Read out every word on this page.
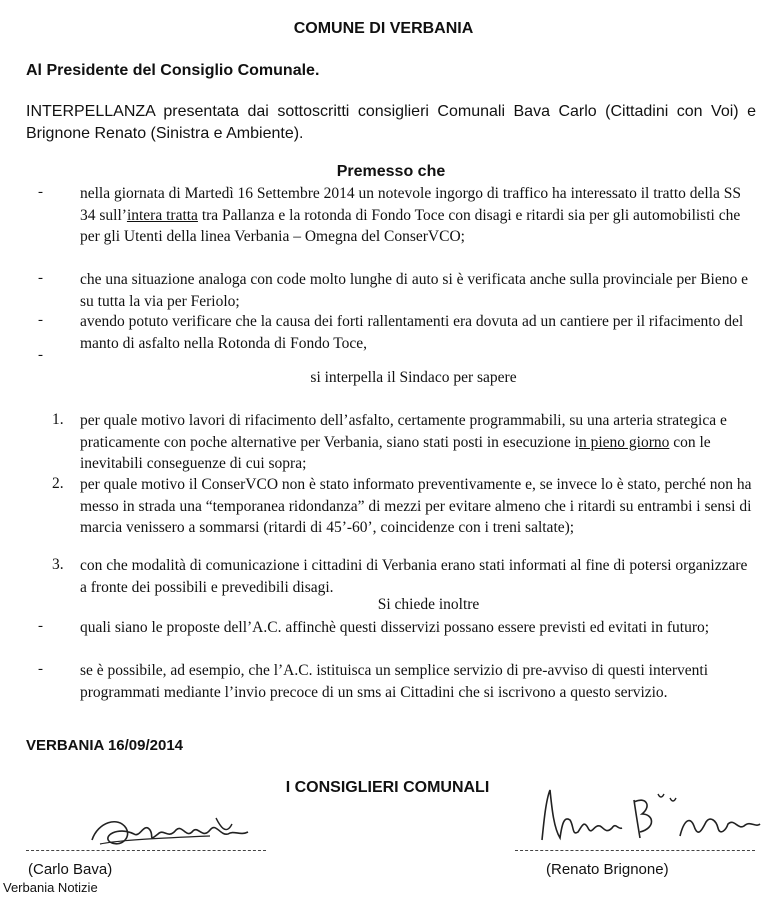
COMUNE DI VERBANIA
Al Presidente del Consiglio Comunale.
INTERPELLANZA presentata dai sottoscritti consiglieri Comunali Bava Carlo (Cittadini con Voi) e Brignone Renato (Sinistra e Ambiente).
Premesso che
- nella giornata di Martedì 16 Settembre 2014 un notevole ingorgo di traffico ha interessato il tratto della SS 34 sull’intera tratta tra Pallanza e la rotonda di Fondo Toce con disagi e ritardi sia per gli automobilisti che per gli Utenti della linea Verbania – Omegna del ConserVCO;
- che una situazione analoga con code molto lunghe di auto si è verificata anche sulla provinciale per Bieno e su tutta la via per Feriolo;
- avendo potuto verificare che la causa dei forti rallentamenti era dovuta ad un cantiere per il rifacimento del manto di asfalto nella Rotonda di Fondo Toce,
-
si interpella il Sindaco per sapere
1. per quale motivo lavori di rifacimento dell’asfalto, certamente programmabili, su una arteria strategica e praticamente con poche alternative per Verbania, siano stati posti in esecuzione in pieno giorno con le inevitabili conseguenze di cui sopra;
2. per quale motivo il ConserVCO non è stato informato preventivamente e, se invece lo è stato, perché non ha messo in strada una “temporanea ridondanza” di mezzi per evitare almeno che i ritardi su entrambi i sensi di marcia venissero a sommarsi (ritardi di 45’-60’, coincidenze con i treni saltate);
3. con che modalità di comunicazione i cittadini di Verbania erano stati informati al fine di potersi organizzare a fronte dei possibili e prevedibili disagi.
Si chiede inoltre
- quali siano le proposte dell’A.C. affinchè questi disservizi possano essere previsti ed evitati in futuro;
- se è possibile, ad esempio, che l’A.C. istituisca un semplice servizio di pre-avviso di questi interventi programmati mediante l’invio precoce di un sms ai Cittadini che si iscrivono a questo servizio.
VERBANIA 16/09/2014
I CONSIGLIERI COMUNALI
(Carlo Bava)	(Renato Brignone)
Verbania Notizie
